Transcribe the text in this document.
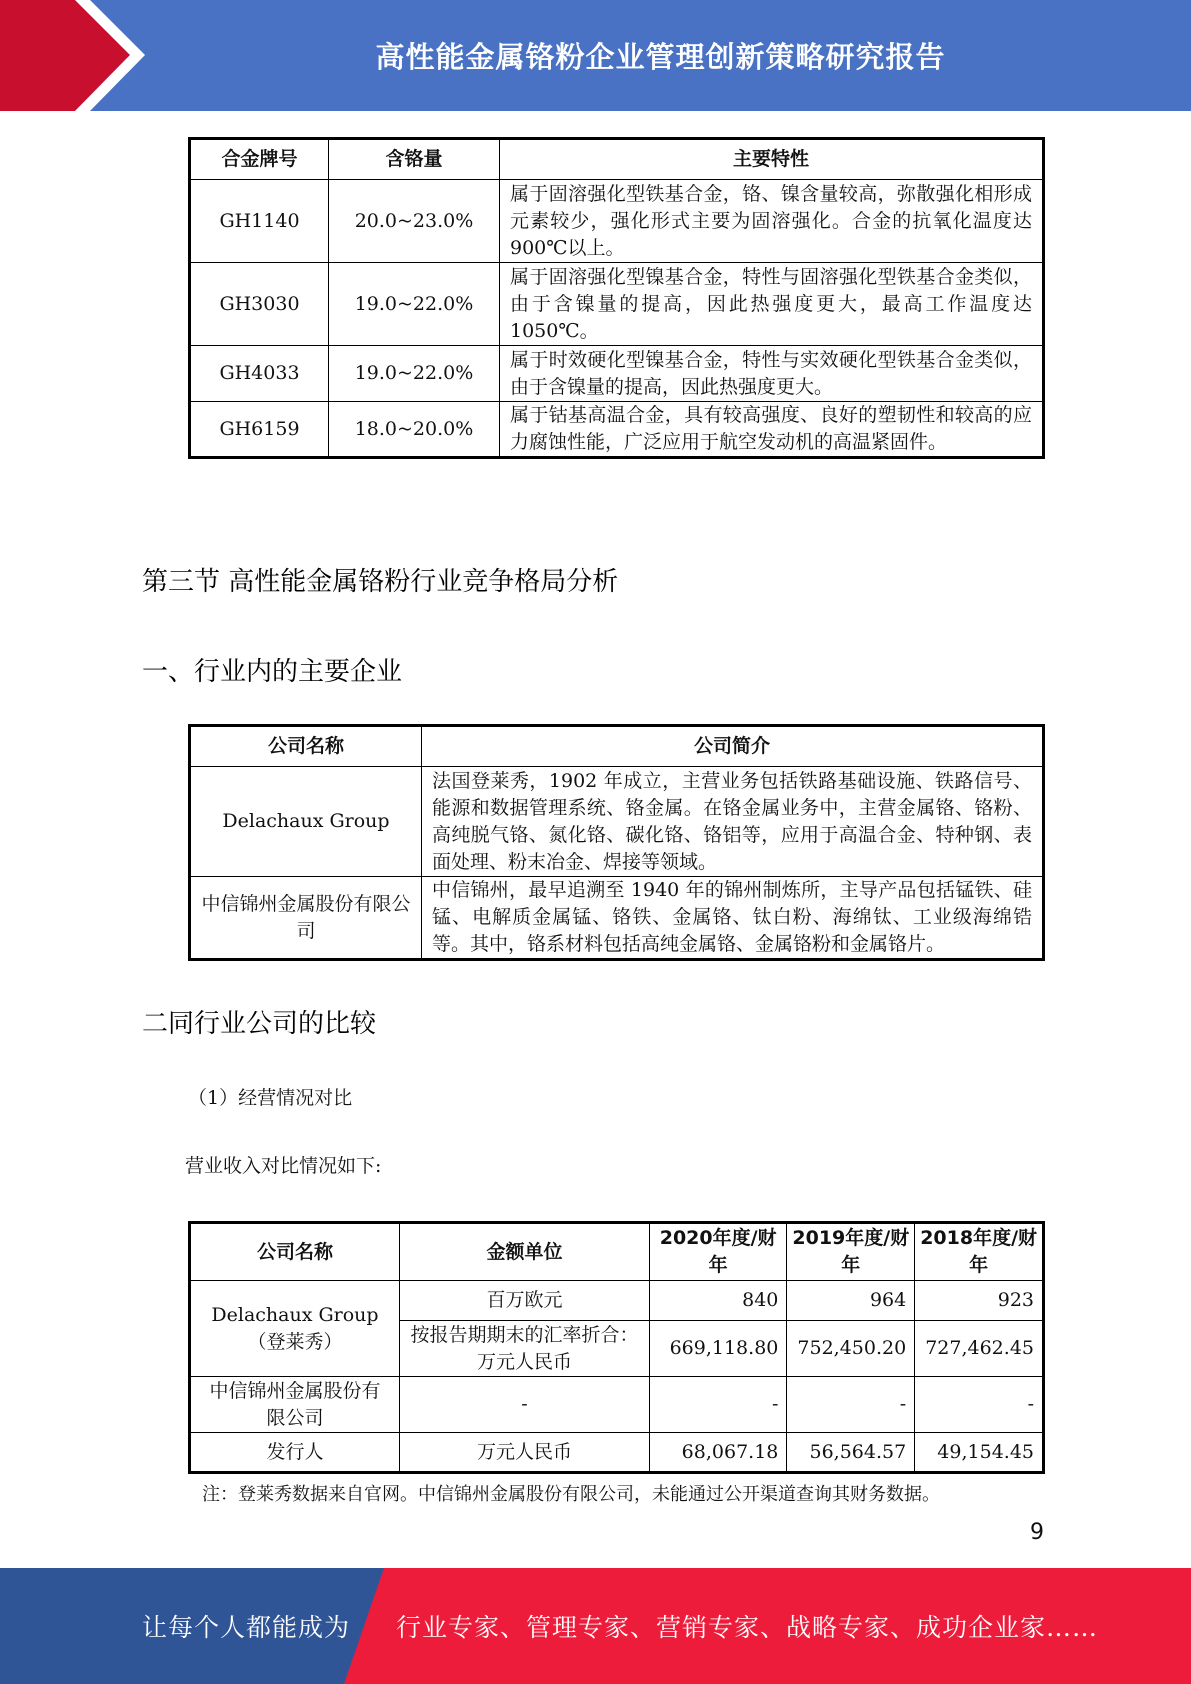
高性能金属铬粉企业管理创新策略研究报告
合金牌号	含铬量	主要特性
GH1140	20.0~23.0%	属于固溶强化型铁基合金，铬、镍含量较高，弥散强化相形成元素较少，强化形式主要为固溶强化。合金的抗氧化温度达 900℃以上。
GH3030	19.0~22.0%	属于固溶强化型镍基合金，特性与固溶强化型铁基合金类似，由于含镍量的提高，因此热强度更大，最高工作温度达 1050℃。
GH4033	19.0~22.0%	属于时效硬化型镍基合金，特性与实效硬化型铁基合金类似，由于含镍量的提高，因此热强度更大。
GH6159	18.0~20.0%	属于钴基高温合金，具有较高强度、良好的塑韧性和较高的应力腐蚀性能，广泛应用于航空发动机的高温紧固件。
第三节 高性能金属铬粉行业竞争格局分析
一、行业内的主要企业
公司名称	公司简介
Delachaux Group	法国登莱秀，1902 年成立，主营业务包括铁路基础设施、铁路信号、能源和数据管理系统、铬金属。在铬金属业务中，主营金属铬、铬粉、高纯脱气铬、氮化铬、碳化铬、铬铝等，应用于高温合金、特种钢、表面处理、粉末冶金、焊接等领域。
中信锦州金属股份有限公司	中信锦州，最早追溯至 1940 年的锦州制炼所，主导产品包括锰铁、硅锰、电解质金属锰、铬铁、金属铬、钛白粉、海绵钛、工业级海绵锆等。其中，铬系材料包括高纯金属铬、金属铬粉和金属铬片。
二同行业公司的比较
（1）经营情况对比
营业收入对比情况如下:
公司名称	金额单位	2020年度/财年	2019年度/财年	2018年度/财年
Delachaux Group（登莱秀）	百万欧元	840	964	923
	按报告期期末的汇率折合：万元人民币	669,118.80	752,450.20	727,462.45
中信锦州金属股份有限公司	-	-	-	-
发行人	万元人民币	68,067.18	56,564.57	49,154.45
注：登莱秀数据来自官网。中信锦州金属股份有限公司，未能通过公开渠道查询其财务数据。
9
让每个人都能成为 行业专家、管理专家、营销专家、战略专家、成功企业家……
